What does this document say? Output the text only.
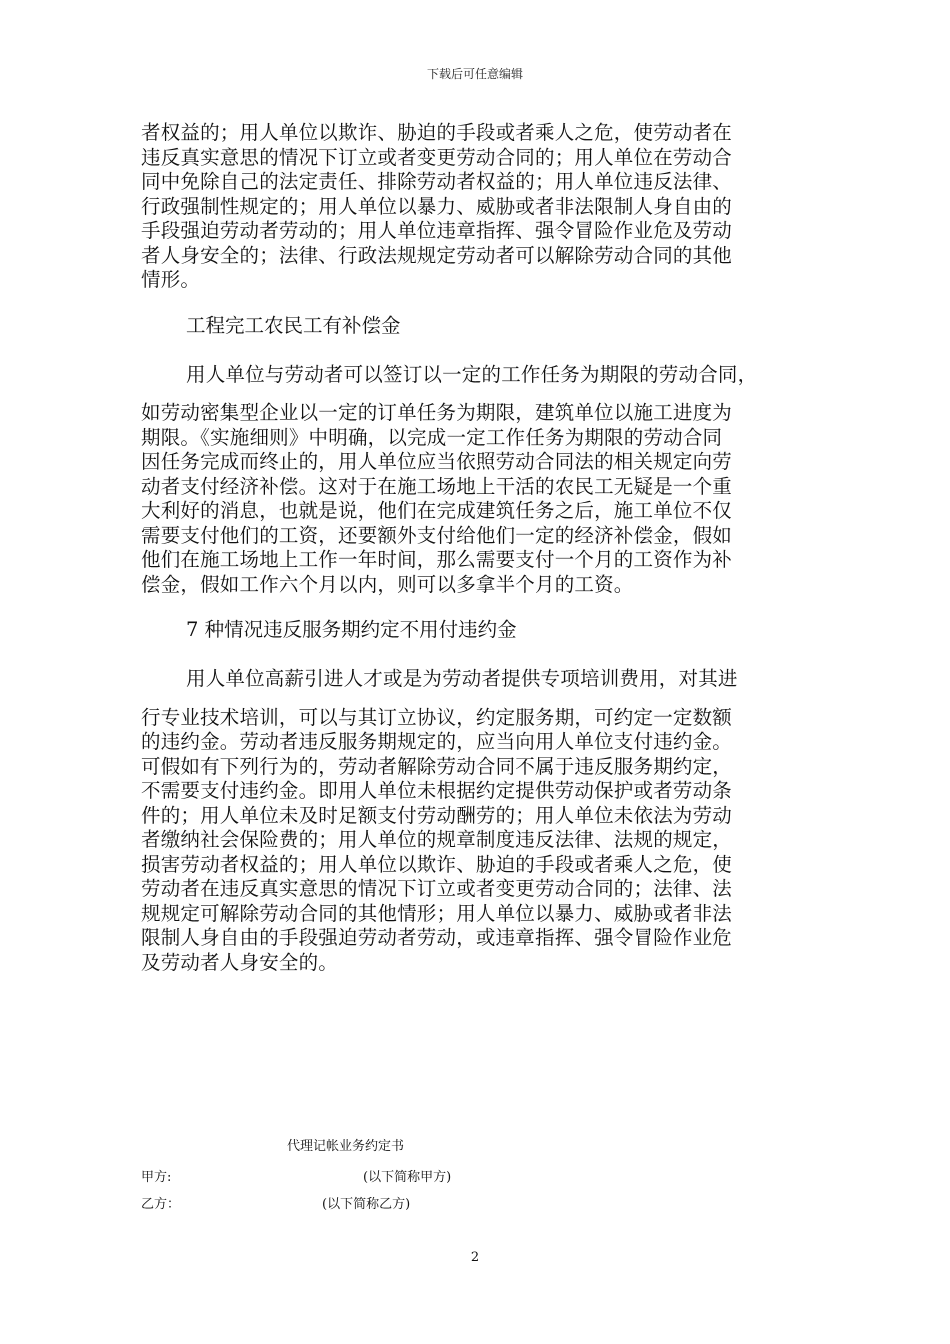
下载后可任意编辑
者权益的；用人单位以欺诈、胁迫的手段或者乘人之危，使劳动者在
违反真实意思的情况下订立或者变更劳动合同的；用人单位在劳动合
同中免除自己的法定责任、排除劳动者权益的；用人单位违反法律、
行政强制性规定的；用人单位以暴力、威胁或者非法限制人身自由的
手段强迫劳动者劳动的；用人单位违章指挥、强令冒险作业危及劳动
者人身安全的；法律、行政法规规定劳动者可以解除劳动合同的其他
情形。
工程完工农民工有补偿金
用人单位与劳动者可以签订以一定的工作任务为期限的劳动合同，
如劳动密集型企业以一定的订单任务为期限，建筑单位以施工进度为
期限。《实施细则》中明确，以完成一定工作任务为期限的劳动合同
因任务完成而终止的，用人单位应当依照劳动合同法的相关规定向劳
动者支付经济补偿。这对于在施工场地上干活的农民工无疑是一个重
大利好的消息，也就是说，他们在完成建筑任务之后，施工单位不仅
需要支付他们的工资，还要额外支付给他们一定的经济补偿金，假如
他们在施工场地上工作一年时间，那么需要支付一个月的工资作为补
偿金，假如工作六个月以内，则可以多拿半个月的工资。
7 种情况违反服务期约定不用付违约金
用人单位高薪引进人才或是为劳动者提供专项培训费用，对其进
行专业技术培训，可以与其订立协议，约定服务期，可约定一定数额
的违约金。劳动者违反服务期规定的，应当向用人单位支付违约金。
可假如有下列行为的，劳动者解除劳动合同不属于违反服务期约定，
不需要支付违约金。即用人单位未根据约定提供劳动保护或者劳动条
件的；用人单位未及时足额支付劳动酬劳的；用人单位未依法为劳动
者缴纳社会保险费的；用人单位的规章制度违反法律、法规的规定，
损害劳动者权益的；用人单位以欺诈、胁迫的手段或者乘人之危，使
劳动者在违反真实意思的情况下订立或者变更劳动合同的；法律、法
规规定可解除劳动合同的其他情形；用人单位以暴力、威胁或者非法
限制人身自由的手段强迫劳动者劳动，或违章指挥、强令冒险作业危
及劳动者人身安全的。
代理记帐业务约定书
甲方:	(以下简称甲方)
乙方：	(以下简称乙方)
2
